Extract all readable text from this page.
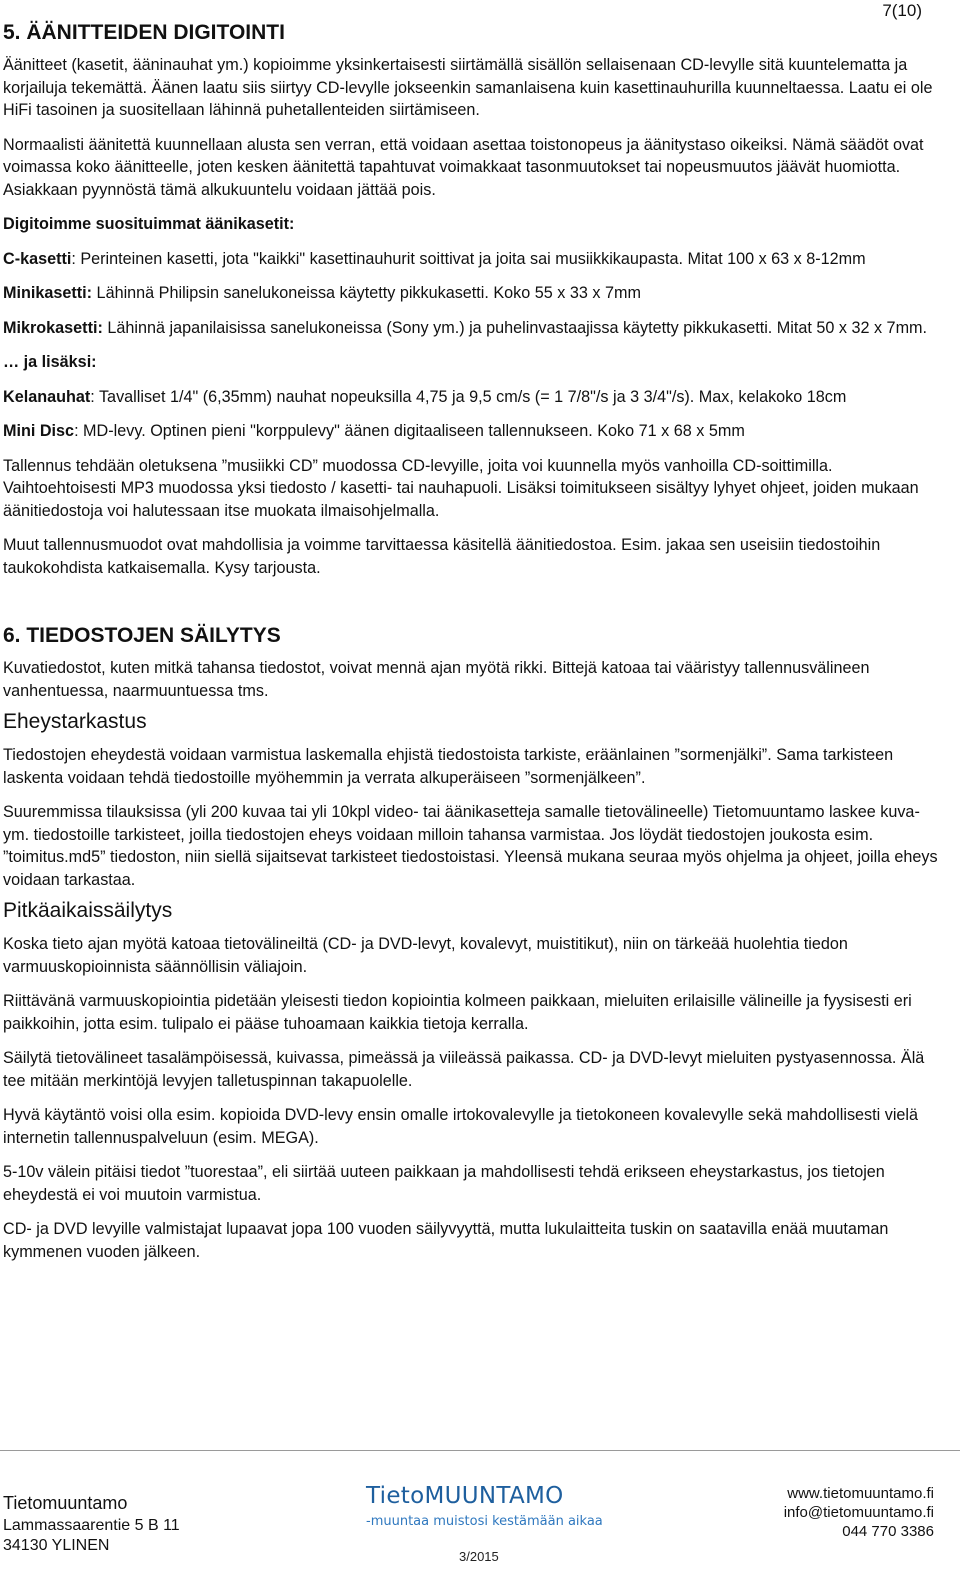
7(10)
5. ÄÄNITTEIDEN DIGITOINTI
Äänitteet (kasetit, ääninauhat ym.) kopioimme yksinkertaisesti siirtämällä sisällön sellaisenaan CD-levylle sitä kuuntelematta ja korjailuja tekemättä. Äänen laatu siis siirtyy CD-levylle jokseenkin samanlaisena kuin kasettinauhurilla kuunneltaessa. Laatu ei ole HiFi tasoinen ja suositellaan lähinnä puhetallenteiden siirtämiseen.
Normaalisti äänitettä kuunnellaan alusta sen verran, että voidaan asettaa toistonopeus ja äänitystaso oikeiksi. Nämä säädöt ovat voimassa koko äänitteelle, joten kesken äänitettä tapahtuvat voimakkaat tasonmuutokset tai nopeusmuutos jäävät huomiotta. Asiakkaan pyynnöstä tämä alkukuuntelu voidaan jättää pois.
Digitoimme suosituimmat äänikasetit:
C-kasetti: Perinteinen kasetti, jota "kaikki" kasettinauhurit soittivat ja joita sai musiikkikaupasta. Mitat 100 x 63 x 8-12mm
Minikasetti: Lähinnä Philipsin sanelukoneissa käytetty pikkukasetti. Koko 55 x 33 x 7mm
Mikrokasetti: Lähinnä japanilaisissa sanelukoneissa (Sony ym.) ja puhelinvastaajissa käytetty pikkukasetti. Mitat 50 x 32 x 7mm.
… ja lisäksi:
Kelanauhat: Tavalliset 1/4" (6,35mm) nauhat nopeuksilla 4,75 ja 9,5 cm/s (= 1 7/8"/s ja 3 3/4"/s). Max, kelakoko 18cm
Mini Disc: MD-levy. Optinen pieni "korppulevy" äänen digitaaliseen tallennukseen. Koko 71 x 68 x 5mm
Tallennus tehdään oletuksena ”musiikki CD” muodossa CD-levyille, joita voi kuunnella myös vanhoilla CD-soittimilla. Vaihtoehtoisesti MP3 muodossa yksi tiedosto / kasetti- tai nauhapuoli. Lisäksi toimitukseen sisältyy lyhyet ohjeet, joiden mukaan äänitiedostoja voi halutessaan itse muokata ilmaisohjelmalla.
Muut tallennusmuodot ovat mahdollisia ja voimme tarvittaessa käsitellä äänitiedostoa. Esim. jakaa sen useisiin tiedostoihin taukokohdista katkaisemalla. Kysy tarjousta.
6. TIEDOSTOJEN SÄILYTYS
Kuvatiedostot, kuten mitkä tahansa tiedostot, voivat mennä ajan myötä rikki. Bittejä katoaa tai vääristyy tallennusvälineen vanhentuessa, naarmuuntuessa tms.
Eheystarkastus
Tiedostojen eheydestä voidaan varmistua laskemalla ehjistä tiedostoista tarkiste, eräänlainen ”sormenjälki”. Sama tarkisteen laskenta voidaan tehdä tiedostoille myöhemmin ja verrata alkuperäiseen ”sormenjälkeen”.
Suuremmissa tilauksissa (yli 200 kuvaa tai yli 10kpl video- tai äänikasetteja samalle tietovälineelle) Tietomuuntamo laskee kuva- ym. tiedostoille tarkisteet, joilla tiedostojen eheys voidaan milloin tahansa varmistaa. Jos löydät tiedostojen joukosta esim. ”toimitus.md5” tiedoston, niin siellä sijaitsevat tarkisteet tiedostoistasi. Yleensä mukana seuraa myös ohjelma ja ohjeet, joilla eheys voidaan tarkastaa.
Pitkäaikaissäilytys
Koska tieto ajan myötä katoaa tietovälineiltä (CD- ja DVD-levyt, kovalevyt, muistitikut), niin on tärkeää huolehtia tiedon varmuuskopioinnista säännöllisin väliajoin.
Riittävänä varmuuskopiointia pidetään yleisesti tiedon kopiointia kolmeen paikkaan, mieluiten erilaisille välineille ja fyysisesti eri paikkoihin, jotta esim. tulipalo ei pääse tuhoamaan kaikkia tietoja kerralla.
Säilytä tietovälineet tasalämpöisessä, kuivassa, pimeässä ja viileässä paikassa. CD- ja DVD-levyt mieluiten pystyasennossa. Älä tee mitään merkintöjä levyjen talletuspinnan takapuolelle.
Hyvä käytäntö voisi olla esim. kopioida DVD-levy ensin omalle irtokovalevylle ja tietokoneen kovalevylle sekä mahdollisesti vielä internetin tallennuspalveluun (esim. MEGA).
5-10v välein pitäisi tiedot ”tuorestaa”, eli siirtää uuteen paikkaan ja mahdollisesti tehdä erikseen eheystarkastus, jos tietojen eheydestä ei voi muutoin varmistua.
CD- ja DVD levyille valmistajat lupaavat jopa 100 vuoden säilyvyyttä, mutta lukulaitteita tuskin on saatavilla enää muutaman kymmenen vuoden jälkeen.
Tietomuuntamo
Lammassaarentie 5 B 11
34130 YLINEN
TietoMUUNTAMO
-muuntaa muistosi kestämään aikaa
3/2015
www.tietomuuntamo.fi
info@tietomuuntamo.fi
044 770 3386
